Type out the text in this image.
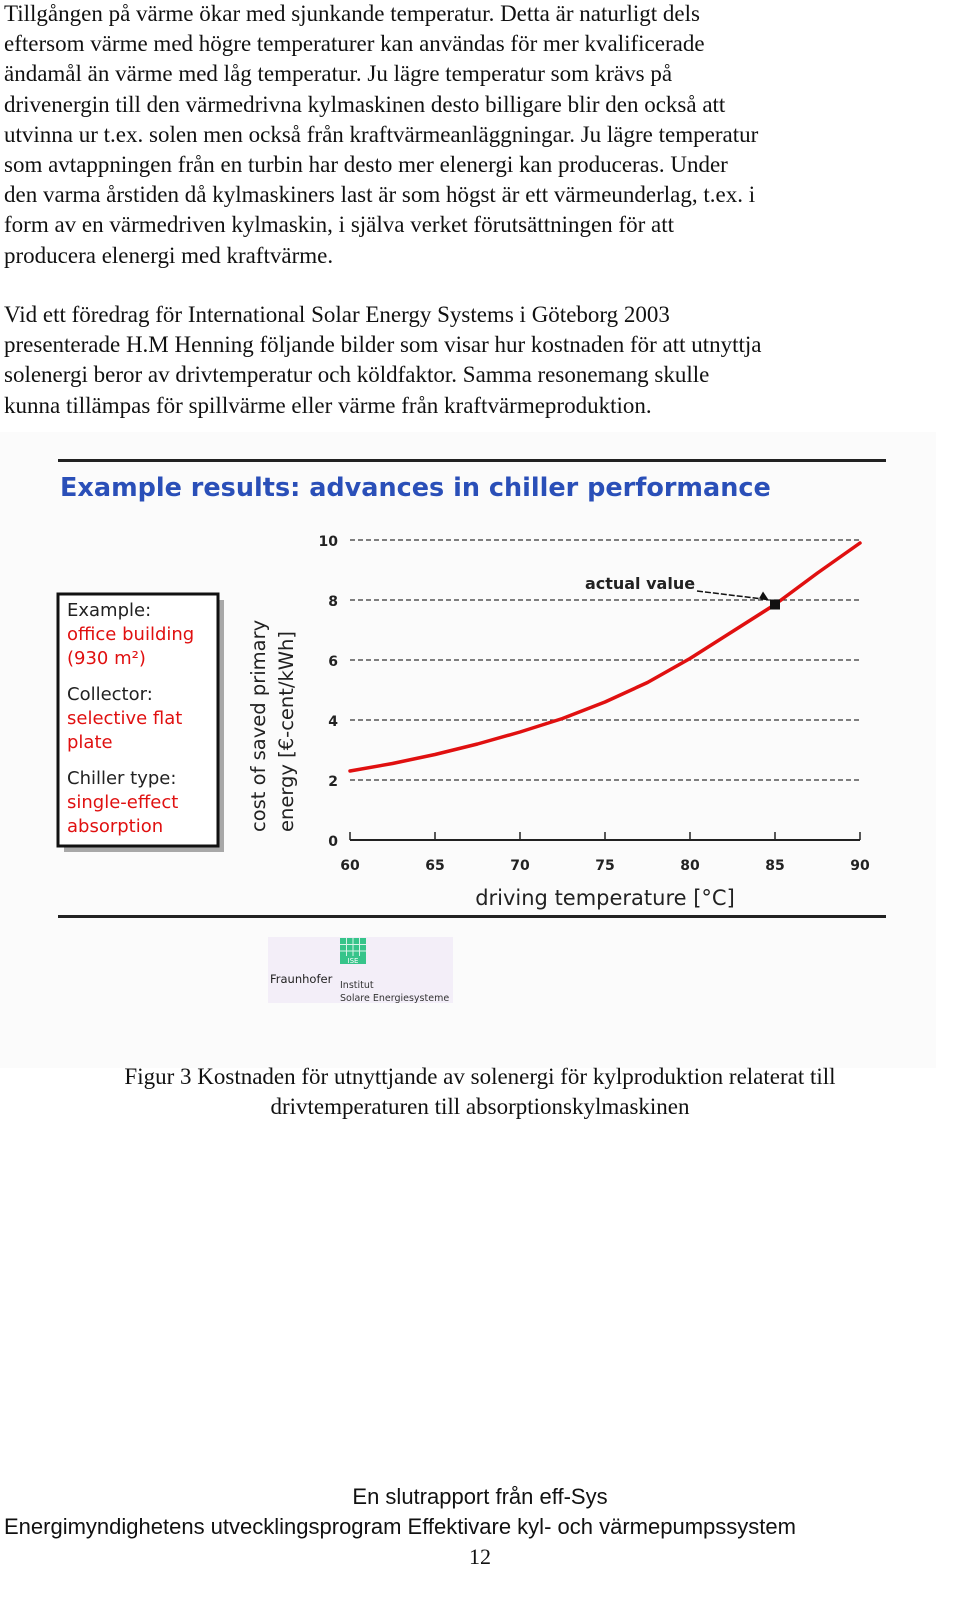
Tillgången på värme ökar med sjunkande temperatur. Detta är naturligt dels
eftersom värme med högre temperaturer kan användas för mer kvalificerade
ändamål än värme med låg temperatur. Ju lägre temperatur som krävs på
drivenergin till den värmedrivna kylmaskinen desto billigare blir den också att
utvinna ur t.ex. solen men också från kraftvärmeanläggningar. Ju lägre temperatur
som avtappningen från en turbin har desto mer elenergi kan produceras. Under
den varma årstiden då kylmaskiners last är som högst är ett värmeunderlag, t.ex. i
form av en värmedriven kylmaskin, i själva verket förutsättningen för att
producera elenergi med kraftvärme.
Vid ett föredrag för International Solar Energy Systems i Göteborg 2003
presenterade H.M Henning följande bilder som visar hur kostnaden för att utnyttja
solenergi beror av drivtemperatur och köldfaktor. Samma resonemang skulle
kunna tillämpas för spillvärme eller värme från kraftvärmeproduktion.
Example results: advances in chiller performance
Example:
office building
(930 m²)
Collector:
selective flat
plate
Chiller type:
single-effect
absorption	cost of saved primary energy [€-cent/kWh]
driving temperature [°C]
0
2
4
6
8
10
60	65	70	75	80	85	90
actual value
ISE
Fraunhofer Institut
Solare Energiesysteme
Figur 3 Kostnaden för utnyttjande av solenergi för kylproduktion relaterat till
drivtemperaturen till absorptionskylmaskinen
En slutrapport från eff-Sys
Energimyndighetens utvecklingsprogram Effektivare kyl- och värmepumpssystem
12
